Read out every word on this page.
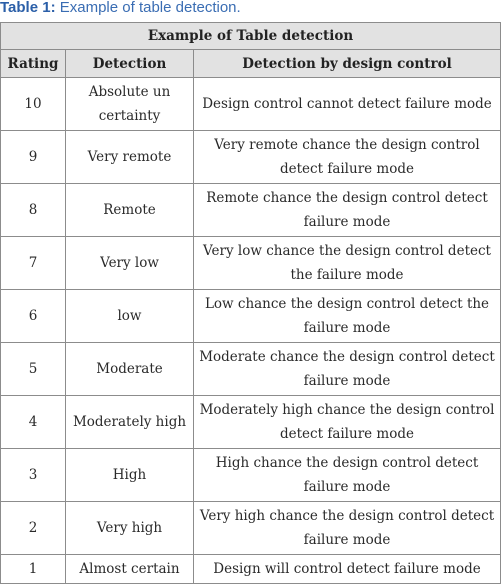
Table 1: Example of table detection.
Example of Table detection		
Rating	Detection	Detection by design control
10	Absolute un certainty	Design control cannot detect failure mode
9	Very remote	Very remote chance the design control detect failure mode
8	Remote	Remote chance the design control detect failure mode
7	Very low	Very low chance the design control detect the failure mode
6	low	Low chance the design control detect the failure mode
5	Moderate	Moderate chance the design control detect failure mode
4	Moderately high	Moderately high chance the design control detect failure mode
3	High	High chance the design control detect failure mode
2	Very high	Very high chance the design control detect failure mode
1	Almost certain	Design will control detect failure mode
